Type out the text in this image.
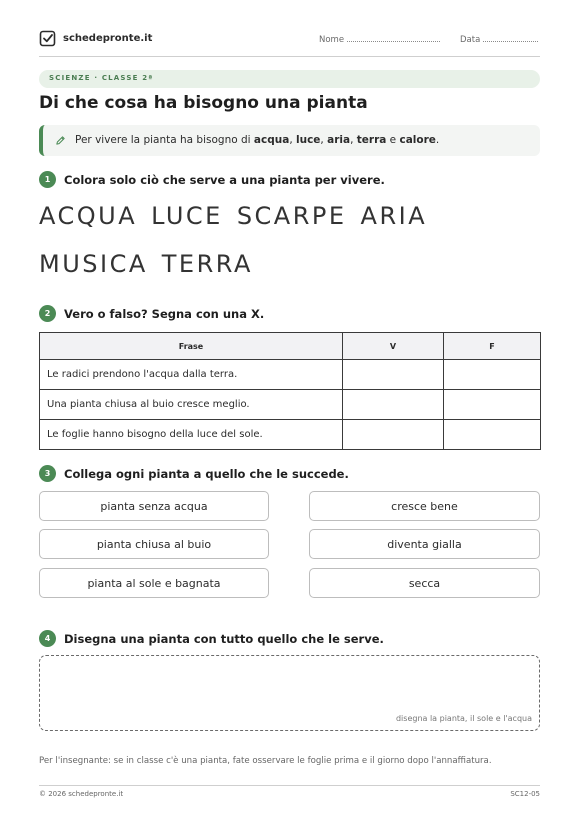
schedepronte.it	Nome	Data
SCIENZE · CLASSE 2ª
Di che cosa ha bisogno una pianta
Per vivere la pianta ha bisogno di acqua, luce, aria, terra e calore.
1	Colora solo ciò che serve a una pianta per vivere.
ACQUA LUCE SCARPE ARIA
MUSICA TERRA
2	Vero o falso? Segna con una X.
Frase	V	F
Le radici prendono l'acqua dalla terra.		
Una pianta chiusa al buio cresce meglio.		
Le foglie hanno bisogno della luce del sole.		
3	Collega ogni pianta a quello che le succede.
pianta senza acqua
pianta chiusa al buio
pianta al sole e bagnata
cresce bene
diventa gialla
secca
4	Disegna una pianta con tutto quello che le serve.
disegna la pianta, il sole e l'acqua
Per l'insegnante: se in classe c'è una pianta, fate osservare le foglie prima e il giorno dopo l'annaffiatura.
© 2026 schedepronte.it	SC12-05
